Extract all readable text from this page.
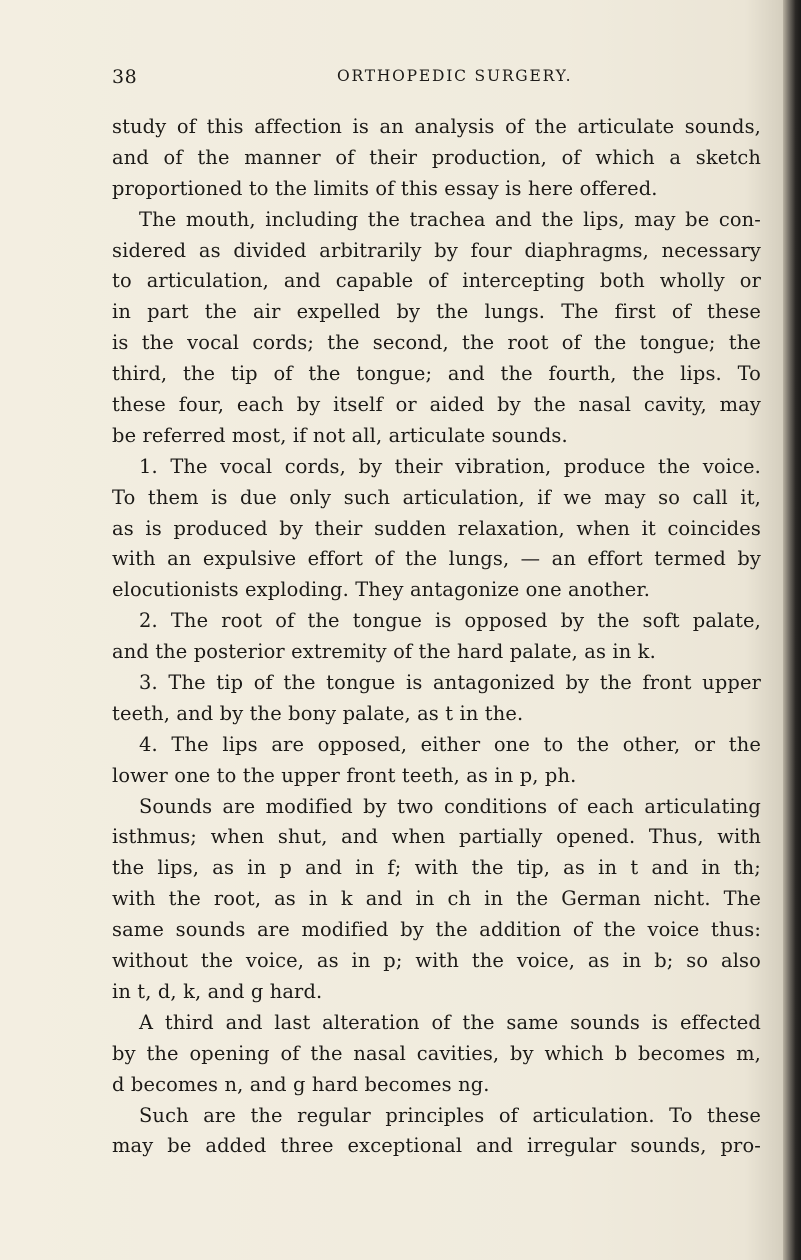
38	ORTHOPEDIC SURGERY.
study of this affection is an analysis of the articulate sounds,
and of the manner of their production, of which a sketch
proportioned to the limits of this essay is here offered.
The mouth, including the trachea and the lips, may be con-
sidered as divided arbitrarily by four diaphragms, necessary
to articulation, and capable of intercepting both wholly or
in part the air expelled by the lungs. The first of these
is the vocal cords; the second, the root of the tongue; the
third, the tip of the tongue; and the fourth, the lips. To
these four, each by itself or aided by the nasal cavity, may
be referred most, if not all, articulate sounds.
1. The vocal cords, by their vibration, produce the voice.
To them is due only such articulation, if we may so call it,
as is produced by their sudden relaxation, when it coincides
with an expulsive effort of the lungs, — an effort termed by
elocutionists exploding. They antagonize one another.
2. The root of the tongue is opposed by the soft palate,
and the posterior extremity of the hard palate, as in k.
3. The tip of the tongue is antagonized by the front upper
teeth, and by the bony palate, as t in the.
4. The lips are opposed, either one to the other, or the
lower one to the upper front teeth, as in p, ph.
Sounds are modified by two conditions of each articulating
isthmus; when shut, and when partially opened. Thus, with
the lips, as in p and in f; with the tip, as in t and in th;
with the root, as in k and in ch in the German nicht. The
same sounds are modified by the addition of the voice thus:
without the voice, as in p; with the voice, as in b; so also
in t, d, k, and g hard.
A third and last alteration of the same sounds is effected
by the opening of the nasal cavities, by which b becomes m,
d becomes n, and g hard becomes ng.
Such are the regular principles of articulation. To these
may be added three exceptional and irregular sounds, pro-
